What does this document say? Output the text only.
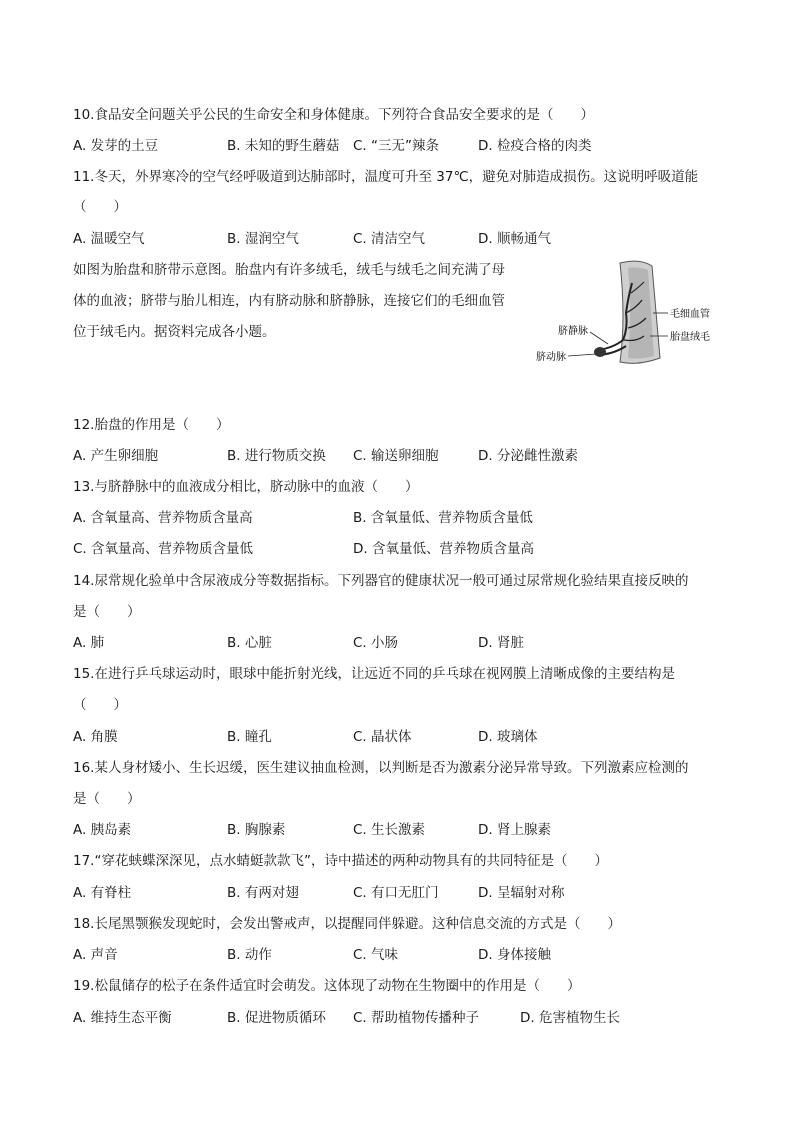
10.食品安全问题关乎公民的生命安全和身体健康。下列符合食品安全要求的是（　　）
A. 发芽的土豆	B. 未知的野生蘑菇 C. “三无”辣条	D. 检疫合格的肉类
11.冬天，外界寒冷的空气经呼吸道到达肺部时，温度可升至 37℃，避免对肺造成损伤。这说明呼吸道能
（　　）
A. 温暖空气	B. 湿润空气	C. 清洁空气	D. 顺畅通气
如图为胎盘和脐带示意图。胎盘内有许多绒毛，绒毛与绒毛之间充满了母
体的血液；脐带与胎儿相连，内有脐动脉和脐静脉，连接它们的毛细血管
位于绒毛内。据资料完成各小题。
毛细血管
胎盘绒毛
脐静脉
脐动脉
12.胎盘的作用是（　　）
A. 产生卵细胞	B. 进行物质交换 C. 输送卵细胞	D. 分泌雌性激素
13.与脐静脉中的血液成分相比，脐动脉中的血液（　　）
A. 含氧量高、营养物质含量高	B. 含氧量低、营养物质含量低
C. 含氧量高、营养物质含量低	D. 含氧量低、营养物质含量高
14.尿常规化验单中含尿液成分等数据指标。下列器官的健康状况一般可通过尿常规化验结果直接反映的
是（　　）
A. 肺	B. 心脏	C. 小肠	D. 肾脏
15.在进行乒乓球运动时，眼球中能折射光线，让远近不同的乒乓球在视网膜上清晰成像的主要结构是
（　　）
A. 角膜	B. 瞳孔	C. 晶状体	D. 玻璃体
16.某人身材矮小、生长迟缓，医生建议抽血检测，以判断是否为激素分泌异常导致。下列激素应检测的
是（　　）
A. 胰岛素	B. 胸腺素	C. 生长激素	D. 肾上腺素
17.“穿花蛱蝶深深见，点水蜻蜓款款飞”，诗中描述的两种动物具有的共同特征是（　　）
A. 有脊柱	B. 有两对翅	C. 有口无肛门	D. 呈辐射对称
18.长尾黑颚猴发现蛇时，会发出警戒声，以提醒同伴躲避。这种信息交流的方式是（　　）
A. 声音	B. 动作	C. 气味	D. 身体接触
19.松鼠储存的松子在条件适宜时会萌发。这体现了动物在生物圈中的作用是（　　）
A. 维持生态平衡	B. 促进物质循环 C. 帮助植物传播种子	D. 危害植物生长
